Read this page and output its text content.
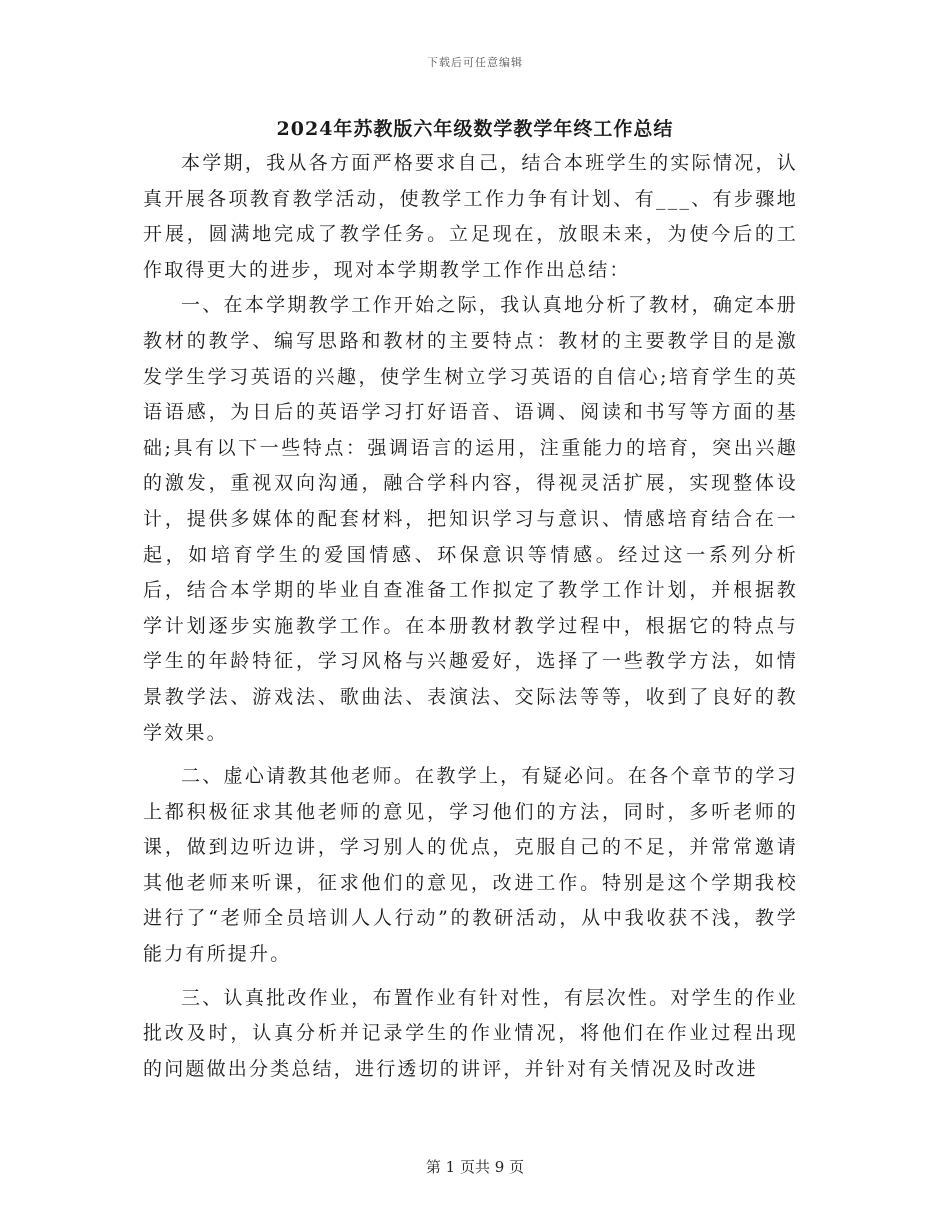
下载后可任意编辑
2024年苏教版六年级数学教学年终工作总结

本学期，我从各方面严格要求自己，结合本班学生的实际情况，认真开展各项教育教学活动，使教学工作力争有计划、有___、有步骤地开展，圆满地完成了教学任务。立足现在，放眼未来，为使今后的工作取得更大的进步，现对本学期教学工作作出总结：

一、在本学期教学工作开始之际，我认真地分析了教材，确定本册教材的教学、编写思路和教材的主要特点：教材的主要教学目的是激发学生学习英语的兴趣，使学生树立学习英语的自信心;培育学生的英语语感，为日后的英语学习打好语音、语调、阅读和书写等方面的基础;具有以下一些特点：强调语言的运用，注重能力的培育，突出兴趣的激发，重视双向沟通，融合学科内容，得视灵活扩展，实现整体设计，提供多媒体的配套材料，把知识学习与意识、情感培育结合在一起，如培育学生的爱国情感、环保意识等情感。经过这一系列分析后，结合本学期的毕业自查准备工作拟定了教学工作计划，并根据教学计划逐步实施教学工作。在本册教材教学过程中，根据它的特点与学生的年龄特征，学习风格与兴趣爱好，选择了一些教学方法，如情景教学法、游戏法、歌曲法、表演法、交际法等等，收到了良好的教学效果。

二、虚心请教其他老师。在教学上，有疑必问。在各个章节的学习上都积极征求其他老师的意见，学习他们的方法，同时，多听老师的课，做到边听边讲，学习别人的优点，克服自己的不足，并常常邀请其他老师来听课，征求他们的意见，改进工作。特别是这个学期我校进行了“老师全员培训人人行动”的教研活动，从中我收获不浅，教学能力有所提升。

三、认真批改作业，布置作业有针对性，有层次性。对学生的作业批改及时，认真分析并记录学生的作业情况，将他们在作业过程出现的问题做出分类总结，进行透切的讲评，并针对有关情况及时改进

第 1 页共 9 页
